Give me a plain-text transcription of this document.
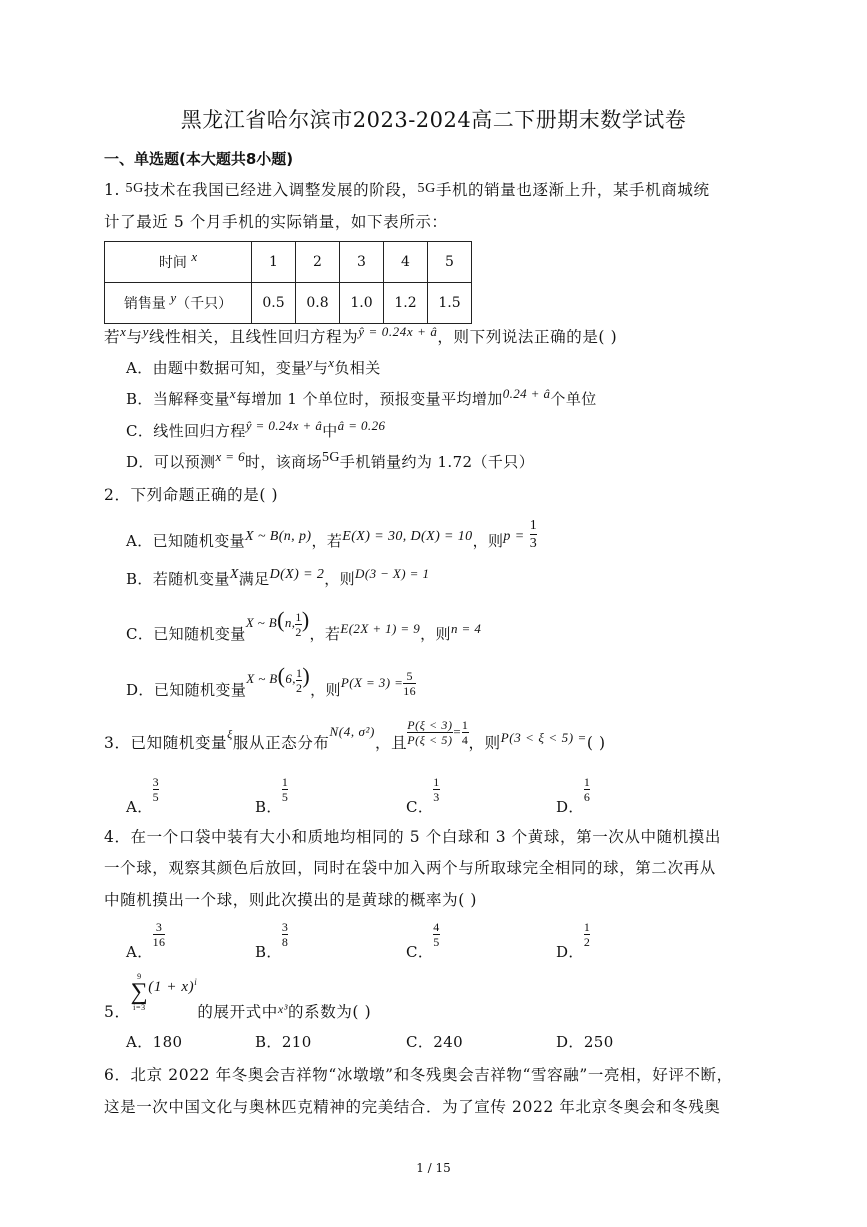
黑龙江省哈尔滨市2023-2024高二下册期末数学试卷
一、单选题(本大题共8小题)
1. 5G技术在我国已经进入调整发展的阶段，5G手机的销量也逐渐上升，某手机商城统
计了最近 5 个月手机的实际销量，如下表所示：
时间 x	1	2	3	4	5
销售量 y（千只）	0.5	0.8	1.0	1.2	1.5
若$^x$与$^y$线性相关，且线性回归方程为$^{ŷ = 0.24x + â}$，则下列说法正确的是( )
A．由题中数据可知，变量y与x负相关
B．当解释变量x每增加 1 个单位时，预报变量平均增加0.24 + â个单位
C．线性回归方程ŷ = 0.24x + â中â = 0.26
D．可以预测x = 6时，该商场5G手机销量约为 1.72（千只）
2．下列命题正确的是( )
A．已知随机变量X ~ B(n, p)，若E(X) = 30, D(X) = 10，则$p = \frac{1}{3}$
B．若随机变量X满足D(X) = 2，则D(3 − X) = 1
C．已知随机变量X ~ B(n, $\frac{1}{2}$ )，若E(2X + 1) = 9，则n = 4
D．已知随机变量X ~ B(6, $\frac{1}{2}$ )，则$P(X = 3) = \frac{5}{16}$
3．已知随机变量$^\xi$服从正态分布$^{N(4, \sigma^2)}$，且 $\frac{P(\xi < 3)}{P(\xi < 5)} ^= \frac{1}{4}$ ，则$^{P(3 < \xi < 5) =}$( )
A．
$\frac{3}{5}$
B．
$\frac{1}{5}$
C．
$\frac{1}{3}$
D．
$\frac{1}{6}$
4．在一个口袋中装有大小和质地均相同的 5 个白球和 3 个黄球，第一次从中随机摸出
一个球，观察其颜色后放回，同时在袋中加入两个与所取球完全相同的球，第二次再从
中随机摸出一个球，则此次摸出的是黄球的概率为( )
A．
$\frac{3}{16}$
B．
$\frac{3}{8}$
C．
$\frac{4}{5}$
D．
$\frac{1}{2}$
5．
9
∑
i=3
$(1 + x)^i$的展开式中$_{x^3}$的系数为( )
A．180	B．210	C．240	D．250
6．北京 2022 年冬奥会吉祥物“冰墩墩”和冬残奥会吉祥物“雪容融”一亮相，好评不断，
这是一次中国文化与奥林匹克精神的完美结合．为了宣传 2022 年北京冬奥会和冬残奥
1 / 15
